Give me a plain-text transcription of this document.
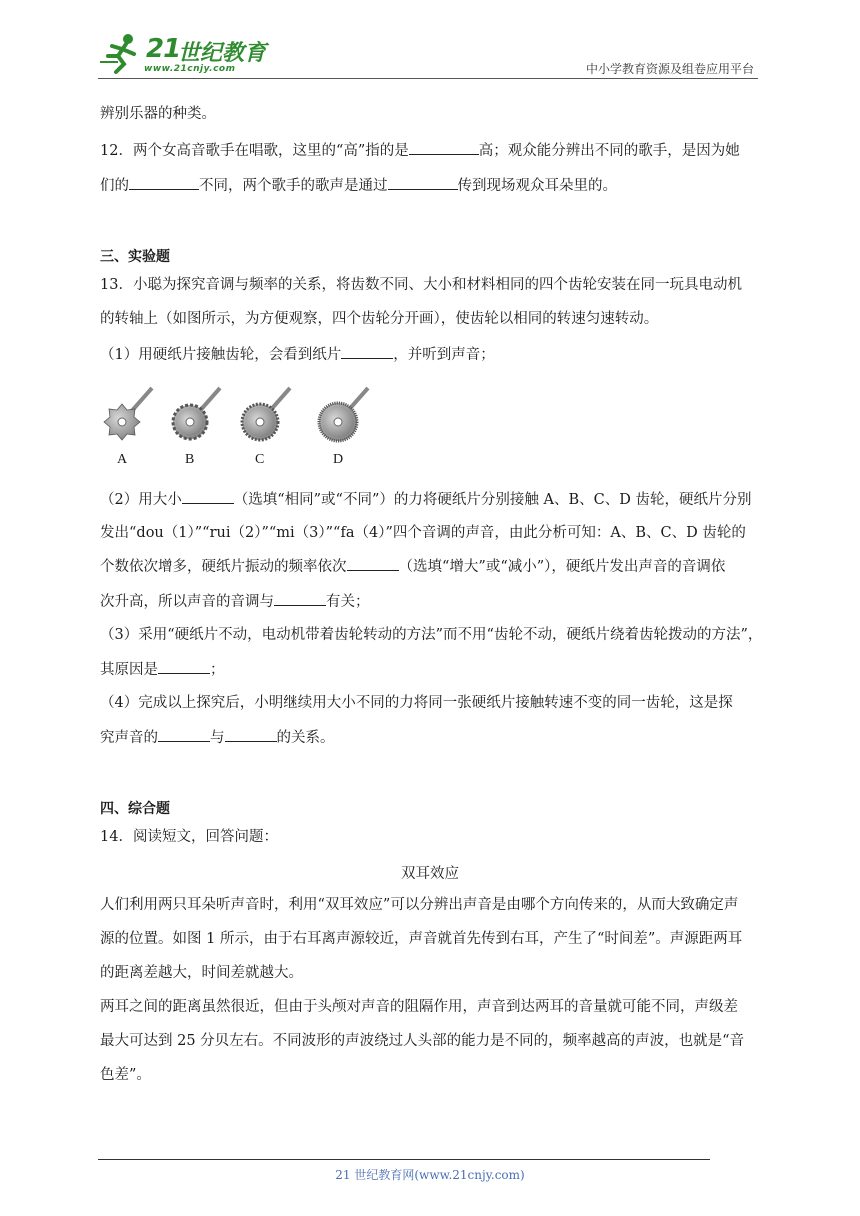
21
世纪教育
www.21cnjy.com	中小学教育资源及组卷应用平台
辨别乐器的种类。
12．两个女高音歌手在唱歌，这里的“高”指的是	高；观众能分辨出不同的歌手，是因为她
们的	不同，两个歌手的歌声是通过	传到现场观众耳朵里的。
三、实验题
13．小聪为探究音调与频率的关系，将齿数不同、大小和材料相同的四个齿轮安装在同一玩具电动机
的转轴上（如图所示，为方便观察，四个齿轮分开画），使齿轮以相同的转速匀速转动。
（1）用硬纸片接触齿轮，会看到纸片	，并听到声音；
A	B	C	D
（2）用大小	（选填“相同”或“不同”）的力将硬纸片分别接触 A、B、C、D 齿轮，硬纸片分别
发出“dou（1）”“rui（2）”“mi（3）”“fa（4）”四个音调的声音，由此分析可知：A、B、C、D 齿轮的
个数依次增多，硬纸片振动的频率依次	（选填“增大”或“减小”），硬纸片发出声音的音调依
次升高，所以声音的音调与	有关；
（3）采用“硬纸片不动，电动机带着齿轮转动的方法”而不用“齿轮不动，硬纸片绕着齿轮拨动的方法”，
其原因是	；
（4）完成以上探究后，小明继续用大小不同的力将同一张硬纸片接触转速不变的同一齿轮，这是探
究声音的	与	的关系。
四、综合题
14．阅读短文，回答问题：
双耳效应
人们利用两只耳朵听声音时，利用“双耳效应”可以分辨出声音是由哪个方向传来的，从而大致确定声
源的位置。如图 1 所示，由于右耳离声源较近，声音就首先传到右耳，产生了“时间差”。声源距两耳
的距离差越大，时间差就越大。
两耳之间的距离虽然很近，但由于头颅对声音的阻隔作用，声音到达两耳的音量就可能不同，声级差
最大可达到 25 分贝左右。不同波形的声波绕过人头部的能力是不同的，频率越高的声波，也就是“音
色差”。
21 世纪教育网(www.21cnjy.com)
